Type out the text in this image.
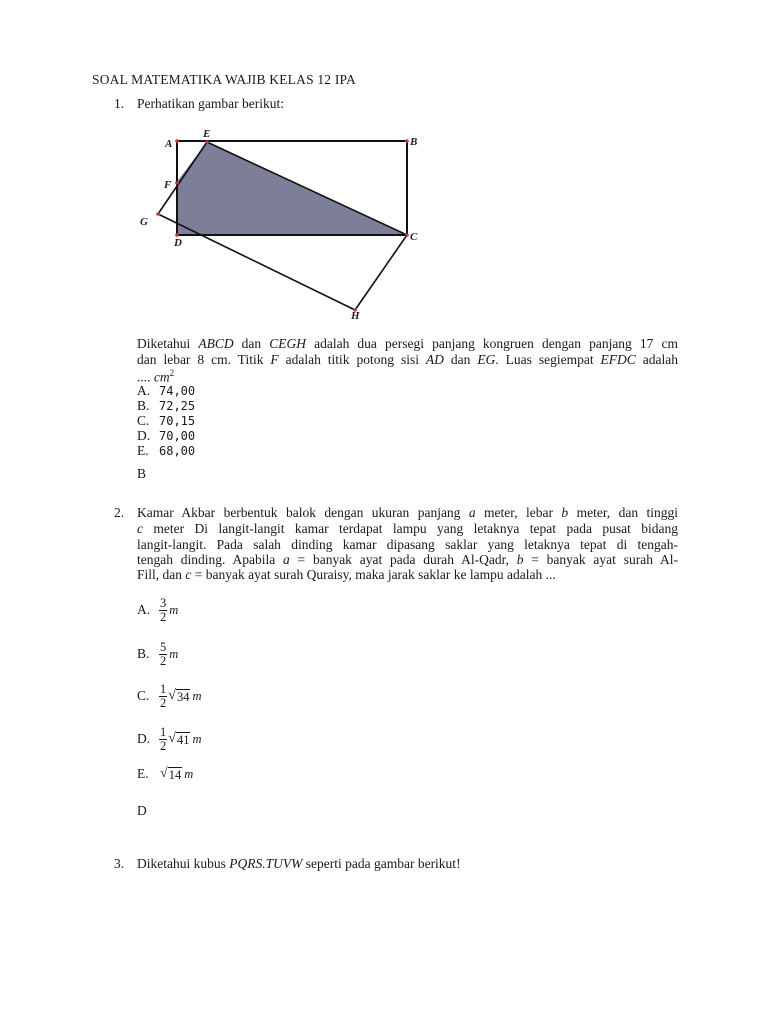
SOAL MATEMATIKA WAJIB KELAS 12 IPA
1. Perhatikan gambar berikut:
A
E
B
F
G
D	C
H
Diketahui ABCD dan CEGH adalah dua persegi panjang kongruen dengan panjang 17 cm
dan lebar 8 cm. Titik F adalah titik potong sisi AD dan EG. Luas segiempat EFDC adalah
.... $cm^2$
A. 74,00
B. 72,25
C. 70,15
D. 70,00
E. 68,00
B
2. Kamar Akbar berbentuk balok dengan ukuran panjang a meter, lebar b meter, dan tinggi
c meter Di langit-langit kamar terdapat lampu yang letaknya tepat pada pusat bidang
langit-langit. Pada salah dinding kamar dipasang saklar yang letaknya tepat di tengah-
tengah dinding. Apabila a = banyak ayat pada durah Al-Qadr, b = banyak ayat surah Al-
Fill, dan c = banyak ayat surah Quraisy, maka jarak saklar ke lampu adalah ...
A. $\frac{3}{2}$ m
B. $\frac{5}{2}$ m
C. $\frac{1}{2}$ √ 34 m
D. $\frac{1}{2}$ √ 41 m
E. √ 14 m
D
3. Diketahui kubus PQRS.TUVW seperti pada gambar berikut!
